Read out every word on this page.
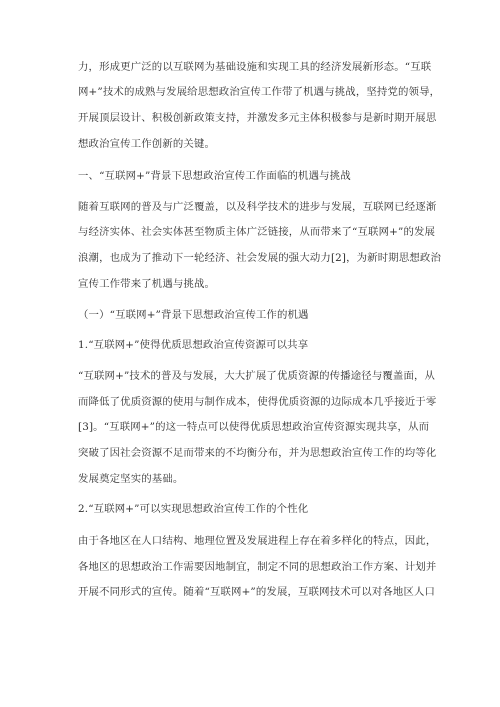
力，形成更广泛的以互联网为基础设施和实现工具的经济发展新形态。“互联
网+”技术的成熟与发展给思想政治宣传工作带了机遇与挑战，坚持党的领导，
开展顶层设计、积极创新政策支持，并激发多元主体积极参与是新时期开展思
想政治宣传工作创新的关键。
一、“互联网+”背景下思想政治宣传工作面临的机遇与挑战
随着互联网的普及与广泛覆盖，以及科学技术的进步与发展，互联网已经逐渐
与经济实体、社会实体甚至物质主体广泛链接，从而带来了“互联网+”的发展
浪潮，也成为了推动下一轮经济、社会发展的强大动力[2]，为新时期思想政治
宣传工作带来了机遇与挑战。
（一）“互联网+”背景下思想政治宣传工作的机遇
1.“互联网+”使得优质思想政治宣传资源可以共享
“互联网+”技术的普及与发展，大大扩展了优质资源的传播途径与覆盖面，从
而降低了优质资源的使用与制作成本，使得优质资源的边际成本几乎接近于零
[3]。“互联网+”的这一特点可以使得优质思想政治宣传资源实现共享，从而
突破了因社会资源不足而带来的不均衡分布，并为思想政治宣传工作的均等化
发展奠定坚实的基础。
2.“互联网+”可以实现思想政治宣传工作的个性化
由于各地区在人口结构、地理位置及发展进程上存在着多样化的特点，因此，
各地区的思想政治工作需要因地制宜，制定不同的思想政治工作方案、计划并
开展不同形式的宣传。随着“互联网+”的发展，互联网技术可以对各地区人口
